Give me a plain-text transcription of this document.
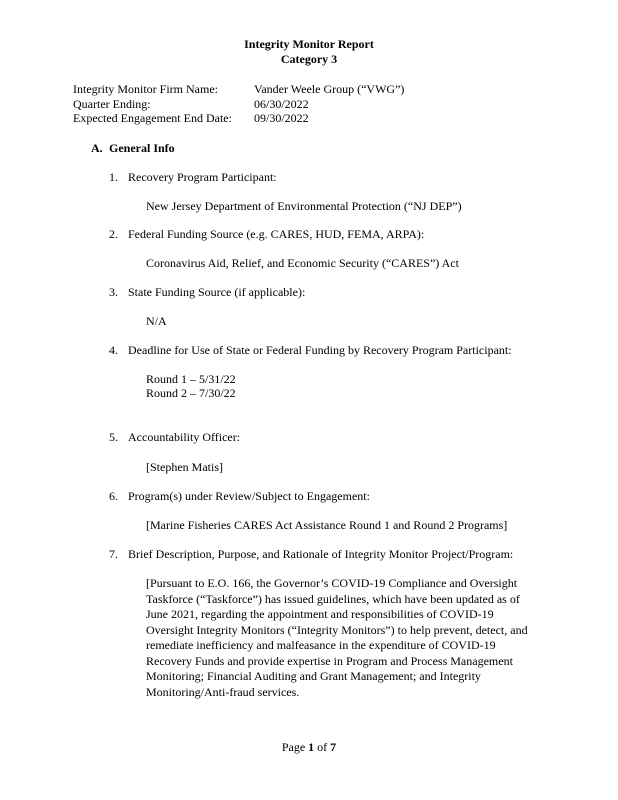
Integrity Monitor Report
Category 3
Integrity Monitor Firm Name:	Vander Weele Group (“VWG”)
Quarter Ending:	06/30/2022
Expected Engagement End Date: 09/30/2022
A. General Info
1. Recovery Program Participant:
New Jersey Department of Environmental Protection (“NJ DEP”)
2. Federal Funding Source (e.g. CARES, HUD, FEMA, ARPA):
Coronavirus Aid, Relief, and Economic Security (“CARES”) Act
3. State Funding Source (if applicable):
N/A
4. Deadline for Use of State or Federal Funding by Recovery Program Participant:
Round 1 – 5/31/22
Round 2 – 7/30/22
5. Accountability Officer:
[Stephen Matis]
6. Program(s) under Review/Subject to Engagement:
[Marine Fisheries CARES Act Assistance Round 1 and Round 2 Programs]
7. Brief Description, Purpose, and Rationale of Integrity Monitor Project/Program:
[Pursuant to E.O. 166, the Governor’s COVID-19 Compliance and Oversight Taskforce (“Taskforce”) has issued guidelines, which have been updated as of June 2021, regarding the appointment and responsibilities of COVID-19 Oversight Integrity Monitors (“Integrity Monitors”) to help prevent, detect, and remediate inefficiency and malfeasance in the expenditure of COVID-19 Recovery Funds and provide expertise in Program and Process Management Monitoring; Financial Auditing and Grant Management; and Integrity Monitoring/Anti-fraud services.
Page 1 of 7
